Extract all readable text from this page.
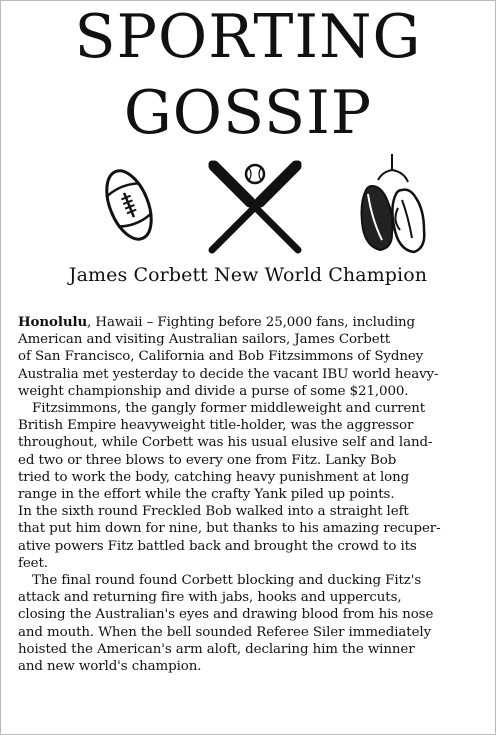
SPORTING
GOSSIP
James Corbett New World Champion

Honolulu, Hawaii – Fighting before 25,000 fans, including
American and visiting Australian sailors, James Corbett
of San Francisco, California and Bob Fitzsimmons of Sydney
Australia met yesterday to decide the vacant IBU world heavy-
weight championship and divide a purse of some $21,000.

Fitzsimmons, the gangly former middleweight and current
British Empire heavyweight title-holder, was the aggressor
throughout, while Corbett was his usual elusive self and land-
ed two or three blows to every one from Fitz. Lanky Bob
tried to work the body, catching heavy punishment at long
range in the effort while the crafty Yank piled up points.
In the sixth round Freckled Bob walked into a straight left
that put him down for nine, but thanks to his amazing recuper-
ative powers Fitz battled back and brought the crowd to its
feet.

The final round found Corbett blocking and ducking Fitz's
attack and returning fire with jabs, hooks and uppercuts,
closing the Australian's eyes and drawing blood from his nose
and mouth. When the bell sounded Referee Siler immediately
hoisted the American's arm aloft, declaring him the winner
and new world's champion.
